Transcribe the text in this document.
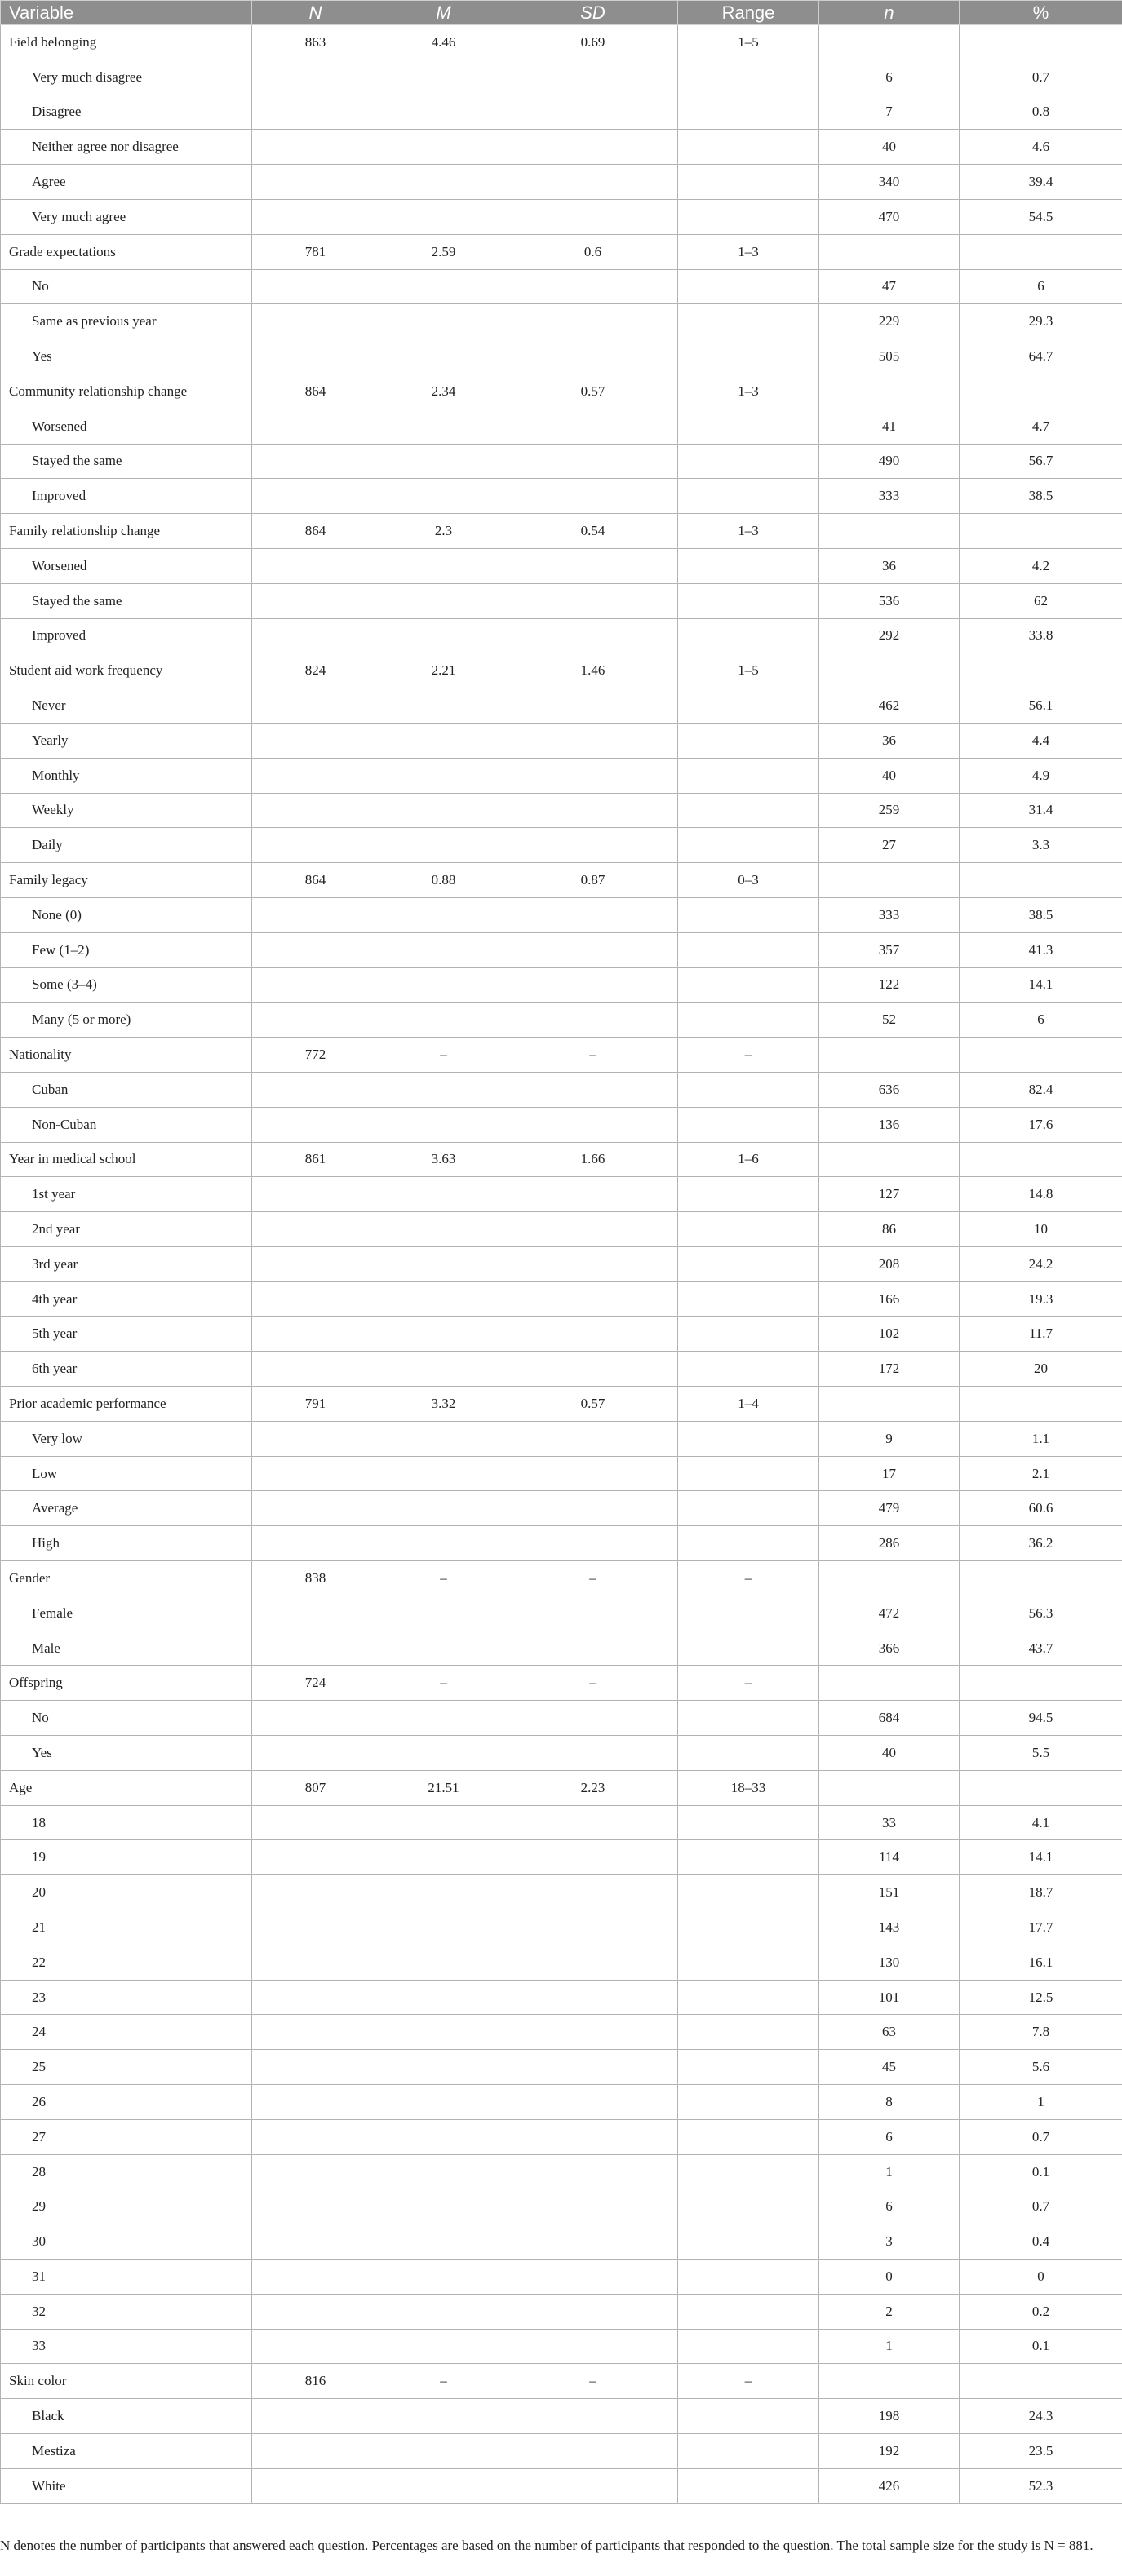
Variable	N	M	SD	Range	n	%
Field belonging	863	4.46	0.69	1–5		
Very much disagree					6	0.7
Disagree					7	0.8
Neither agree nor disagree					40	4.6
Agree					340	39.4
Very much agree					470	54.5
Grade expectations	781	2.59	0.6	1–3		
No					47	6
Same as previous year					229	29.3
Yes					505	64.7
Community relationship change	864	2.34	0.57	1–3		
Worsened					41	4.7
Stayed the same					490	56.7
Improved					333	38.5
Family relationship change	864	2.3	0.54	1–3		
Worsened					36	4.2
Stayed the same					536	62
Improved					292	33.8
Student aid work frequency	824	2.21	1.46	1–5		
Never					462	56.1
Yearly					36	4.4
Monthly					40	4.9
Weekly					259	31.4
Daily					27	3.3
Family legacy	864	0.88	0.87	0–3		
None (0)					333	38.5
Few (1–2)					357	41.3
Some (3–4)					122	14.1
Many (5 or more)					52	6
Nationality	772	–	–	–		
Cuban					636	82.4
Non-Cuban					136	17.6
Year in medical school	861	3.63	1.66	1–6		
1st year					127	14.8
2nd year					86	10
3rd year					208	24.2
4th year					166	19.3
5th year					102	11.7
6th year					172	20
Prior academic performance	791	3.32	0.57	1–4		
Very low					9	1.1
Low					17	2.1
Average					479	60.6
High					286	36.2
Gender	838	–	–	–		
Female					472	56.3
Male					366	43.7
Offspring	724	–	–	–		
No					684	94.5
Yes					40	5.5
Age	807	21.51	2.23	18–33		
18					33	4.1
19					114	14.1
20					151	18.7
21					143	17.7
22					130	16.1
23					101	12.5
24					63	7.8
25					45	5.6
26					8	1
27					6	0.7
28					1	0.1
29					6	0.7
30					3	0.4
31					0	0
32					2	0.2
33					1	0.1
Skin color	816	–	–	–		
Black					198	24.3
Mestiza					192	23.5
White					426	52.3
N denotes the number of participants that answered each question. Percentages are based on the number of participants that responded to the question. The total sample size for the study is N = 881.
